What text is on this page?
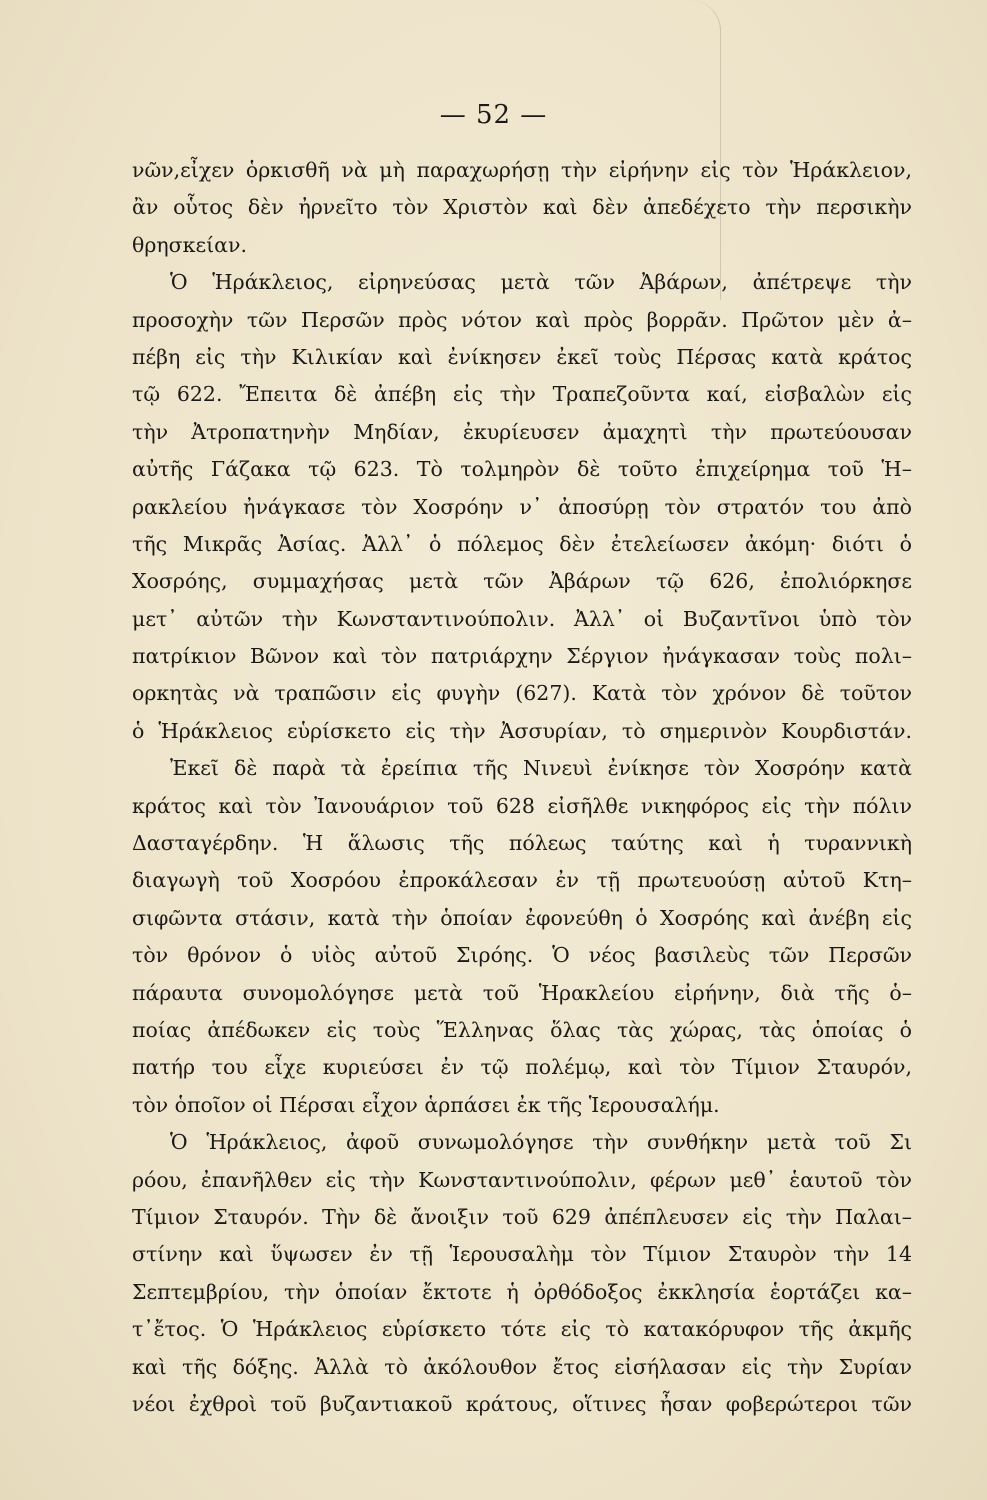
— 52 —
νῶν,εἶχεν ὁρκισθῆ νὰ μὴ παραχωρήσῃ τὴν εἰρήνην εἰς τὸν Ἡράκλειον,
ἂν οὗτος δὲν ἠρνεῖτο τὸν Χριστὸν καὶ δὲν ἀπεδέχετο τὴν περσικὴν
θρησκείαν.
Ὁ Ἡράκλειος, εἰρηνεύσας μετὰ τῶν Ἀβάρων, ἀπέτρεψε τὴν
προσοχὴν τῶν Περσῶν πρὸς νότον καὶ πρὸς βορρᾶν. Πρῶτον μὲν ἀ–
πέβη εἰς τὴν Κιλικίαν καὶ ἐνίκησεν ἐκεῖ τοὺς Πέρσας κατὰ κράτος
τῷ 622. Ἔπειτα δὲ ἀπέβη εἰς τὴν Τραπεζοῦντα καί, εἰσβαλὼν εἰς
τὴν Ἀτροπατηνὴν Μηδίαν, ἐκυρίευσεν ἀμαχητὶ τὴν πρωτεύουσαν
αὐτῆς Γάζακα τῷ 623. Τὸ τολμηρὸν δὲ τοῦτο ἐπιχείρημα τοῦ Ἡ–
ρακλείου ἠνάγκασε τὸν Χοσρόην ν᾽ ἀποσύρῃ τὸν στρατόν του ἀπὸ
τῆς Μικρᾶς Ἀσίας. Ἀλλ᾽ ὁ πόλεμος δὲν ἐτελείωσεν ἀκόμη· διότι ὁ
Χοσρόης, συμμαχήσας μετὰ τῶν Ἀβάρων τῷ 626, ἐπολιόρκησε
μετ᾽ αὐτῶν τὴν Κωνσταντινούπολιν. Ἀλλ᾽ οἱ Βυζαντῖνοι ὑπὸ τὸν
πατρίκιον Βῶνον καὶ τὸν πατριάρχην Σέργιον ἠνάγκασαν τοὺς πολι–
ορκητὰς νὰ τραπῶσιν εἰς φυγὴν (627). Κατὰ τὸν χρόνον δὲ τοῦτον
ὁ Ἡράκλειος εὑρίσκετο εἰς τὴν Ἀσσυρίαν, τὸ σημερινὸν Κουρδιστάν.
Ἐκεῖ δὲ παρὰ τὰ ἐρείπια τῆς Νινευὶ ἐνίκησε τὸν Χοσρόην κατὰ
κράτος καὶ τὸν Ἰανουάριον τοῦ 628 εἰσῆλθε νικηφόρος εἰς τὴν πόλιν
Δασταγέρδην. Ἡ ἅλωσις τῆς πόλεως ταύτης καὶ ἡ τυραννικὴ
διαγωγὴ τοῦ Χοσρόου ἐπροκάλεσαν ἐν τῇ πρωτευούσῃ αὐτοῦ Κτη–
σιφῶντα στάσιν, κατὰ τὴν ὁποίαν ἐφονεύθη ὁ Χοσρόης καὶ ἀνέβη εἰς
τὸν θρόνον ὁ υἱὸς αὐτοῦ Σιρόης. Ὁ νέος βασιλεὺς τῶν Περσῶν
πάραυτα συνομολόγησε μετὰ τοῦ Ἡρακλείου εἰρήνην, διὰ τῆς ὁ–
ποίας ἀπέδωκεν εἰς τοὺς Ἕλληνας ὅλας τὰς χώρας, τὰς ὁποίας ὁ
πατήρ του εἶχε κυριεύσει ἐν τῷ πολέμῳ, καὶ τὸν Τίμιον Σταυρόν,
τὸν ὁποῖον οἱ Πέρσαι εἶχον ἁρπάσει ἐκ τῆς Ἱερουσαλήμ.
Ὁ Ἡράκλειος, ἀφοῦ συνωμολόγησε τὴν συνθήκην μετὰ τοῦ Σι
ρόου, ἐπανῆλθεν εἰς τὴν Κωνσταντινούπολιν, φέρων μεθ᾽ ἑαυτοῦ τὸν
Τίμιον Σταυρόν. Τὴν δὲ ἄνοιξιν τοῦ 629 ἀπέπλευσεν εἰς τὴν Παλαι–
στίνην καὶ ὕψωσεν ἐν τῇ Ἱερουσαλὴμ τὸν Τίμιον Σταυρὸν τὴν 14
Σεπτεμβρίου, τὴν ὁποίαν ἔκτοτε ἡ ὀρθόδοξος ἐκκλησία ἑορτάζει κα–
τ᾽ἔτος. Ὁ Ἡράκλειος εὑρίσκετο τότε εἰς τὸ κατακόρυφον τῆς ἀκμῆς
καὶ τῆς δόξης. Ἀλλὰ τὸ ἀκόλουθον ἔτος εἰσήλασαν εἰς τὴν Συρίαν
νέοι ἐχθροὶ τοῦ βυζαντιακοῦ κράτους, οἵτινες ἦσαν φοβερώτεροι τῶν
